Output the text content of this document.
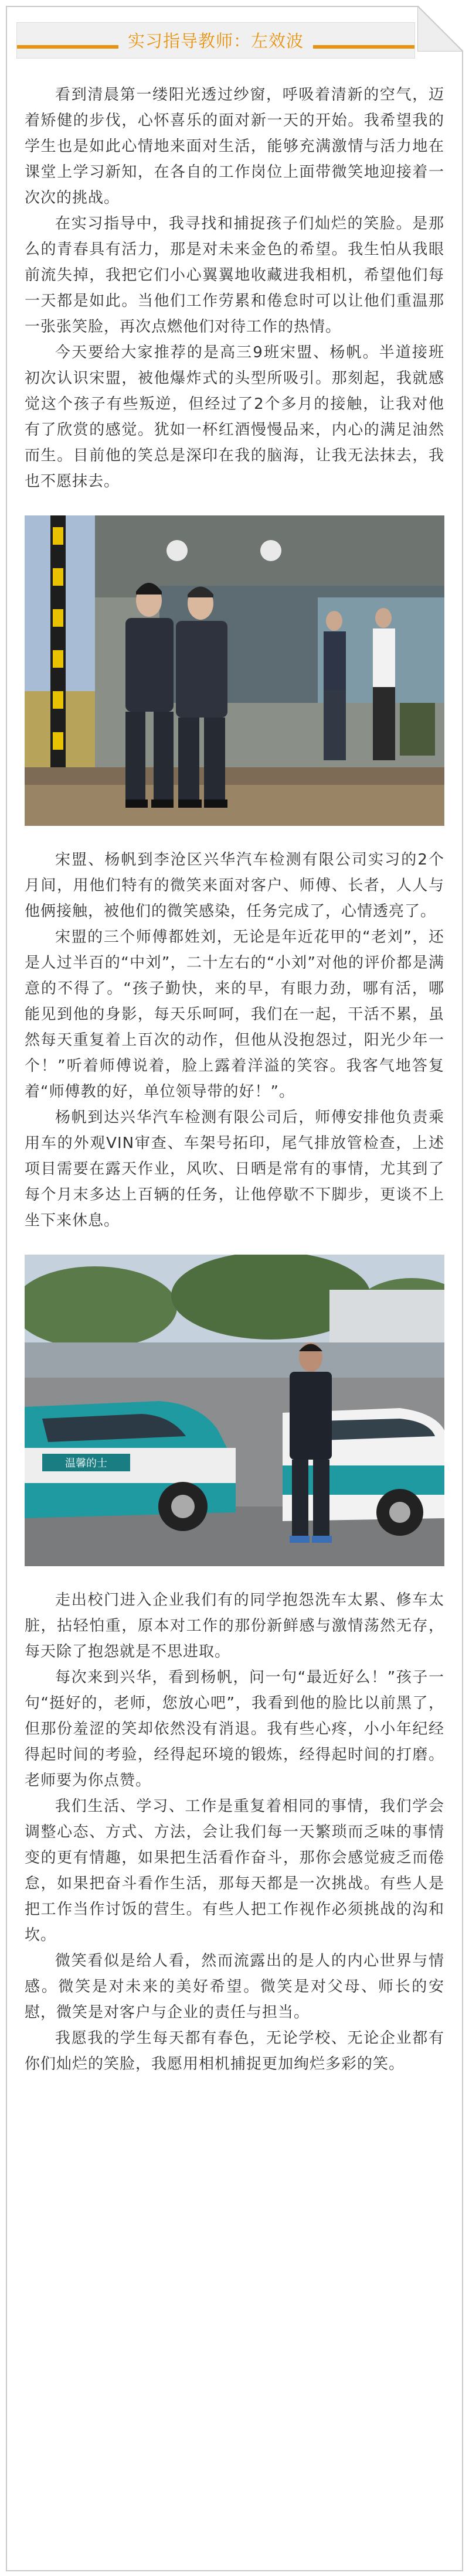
实习指导教师：左效波

看到清晨第一缕阳光透过纱窗，呼吸着清新的空气，迈着矫健的步伐，心怀喜乐的面对新一天的开始。我希望我的学生也是如此心情地来面对生活，能够充满激情与活力地在课堂上学习新知，在各自的工作岗位上面带微笑地迎接着一次次的挑战。

在实习指导中，我寻找和捕捉孩子们灿烂的笑脸。是那么的青春具有活力，那是对未来金色的希望。我生怕从我眼前流失掉，我把它们小心翼翼地收藏进我相机，希望他们每一天都是如此。当他们工作劳累和倦怠时可以让他们重温那一张张笑脸，再次点燃他们对待工作的热情。

今天要给大家推荐的是高三9班宋盟、杨帆。半道接班初次认识宋盟，被他爆炸式的头型所吸引。那刻起，我就感觉这个孩子有些叛逆，但经过了2个多月的接触，让我对他有了欣赏的感觉。犹如一杯红酒慢慢品来，内心的满足油然而生。目前他的笑总是深印在我的脑海，让我无法抹去，我也不愿抹去。

宋盟、杨帆到李沧区兴华汽车检测有限公司实习的2个月间，用他们特有的微笑来面对客户、师傅、长者，人人与他俩接触，被他们的微笑感染，任务完成了，心情透亮了。

宋盟的三个师傅都姓刘，无论是年近花甲的“老刘”，还是人过半百的“中刘”，二十左右的“小刘”对他的评价都是满意的不得了。“孩子勤快，来的早，有眼力劲，哪有活，哪能见到他的身影，每天乐呵呵，我们在一起，干活不累，虽然每天重复着上百次的动作，但他从没抱怨过，阳光少年一个！”听着师傅说着，脸上露着洋溢的笑容。我客气地答复着“师傅教的好，单位领导带的好！”。

杨帆到达兴华汽车检测有限公司后，师傅安排他负责乘用车的外观VIN审查、车架号拓印，尾气排放管检查，上述项目需要在露天作业，风吹、日晒是常有的事情，尤其到了每个月末多达上百辆的任务，让他停歇不下脚步，更谈不上坐下来休息。

温馨的士

走出校门进入企业我们有的同学抱怨洗车太累、修车太脏，拈轻怕重，原本对工作的那份新鲜感与激情荡然无存，每天除了抱怨就是不思进取。

每次来到兴华，看到杨帆，问一句“最近好么！”孩子一句“挺好的，老师，您放心吧”，我看到他的脸比以前黑了，但那份羞涩的笑却依然没有消退。我有些心疼，小小年纪经得起时间的考验，经得起环境的锻炼，经得起时间的打磨。老师要为你点赞。

我们生活、学习、工作是重复着相同的事情，我们学会调整心态、方式、方法，会让我们每一天繁琐而乏味的事情变的更有情趣，如果把生活看作奋斗，那你会感觉疲乏而倦怠，如果把奋斗看作生活，那每天都是一次挑战。有些人是把工作当作讨饭的营生。有些人把工作视作必须挑战的沟和坎。

微笑看似是给人看，然而流露出的是人的内心世界与情感。微笑是对未来的美好希望。微笑是对父母、师长的安慰，微笑是对客户与企业的责任与担当。

我愿我的学生每天都有春色，无论学校、无论企业都有你们灿烂的笑脸，我愿用相机捕捉更加绚烂多彩的笑。
